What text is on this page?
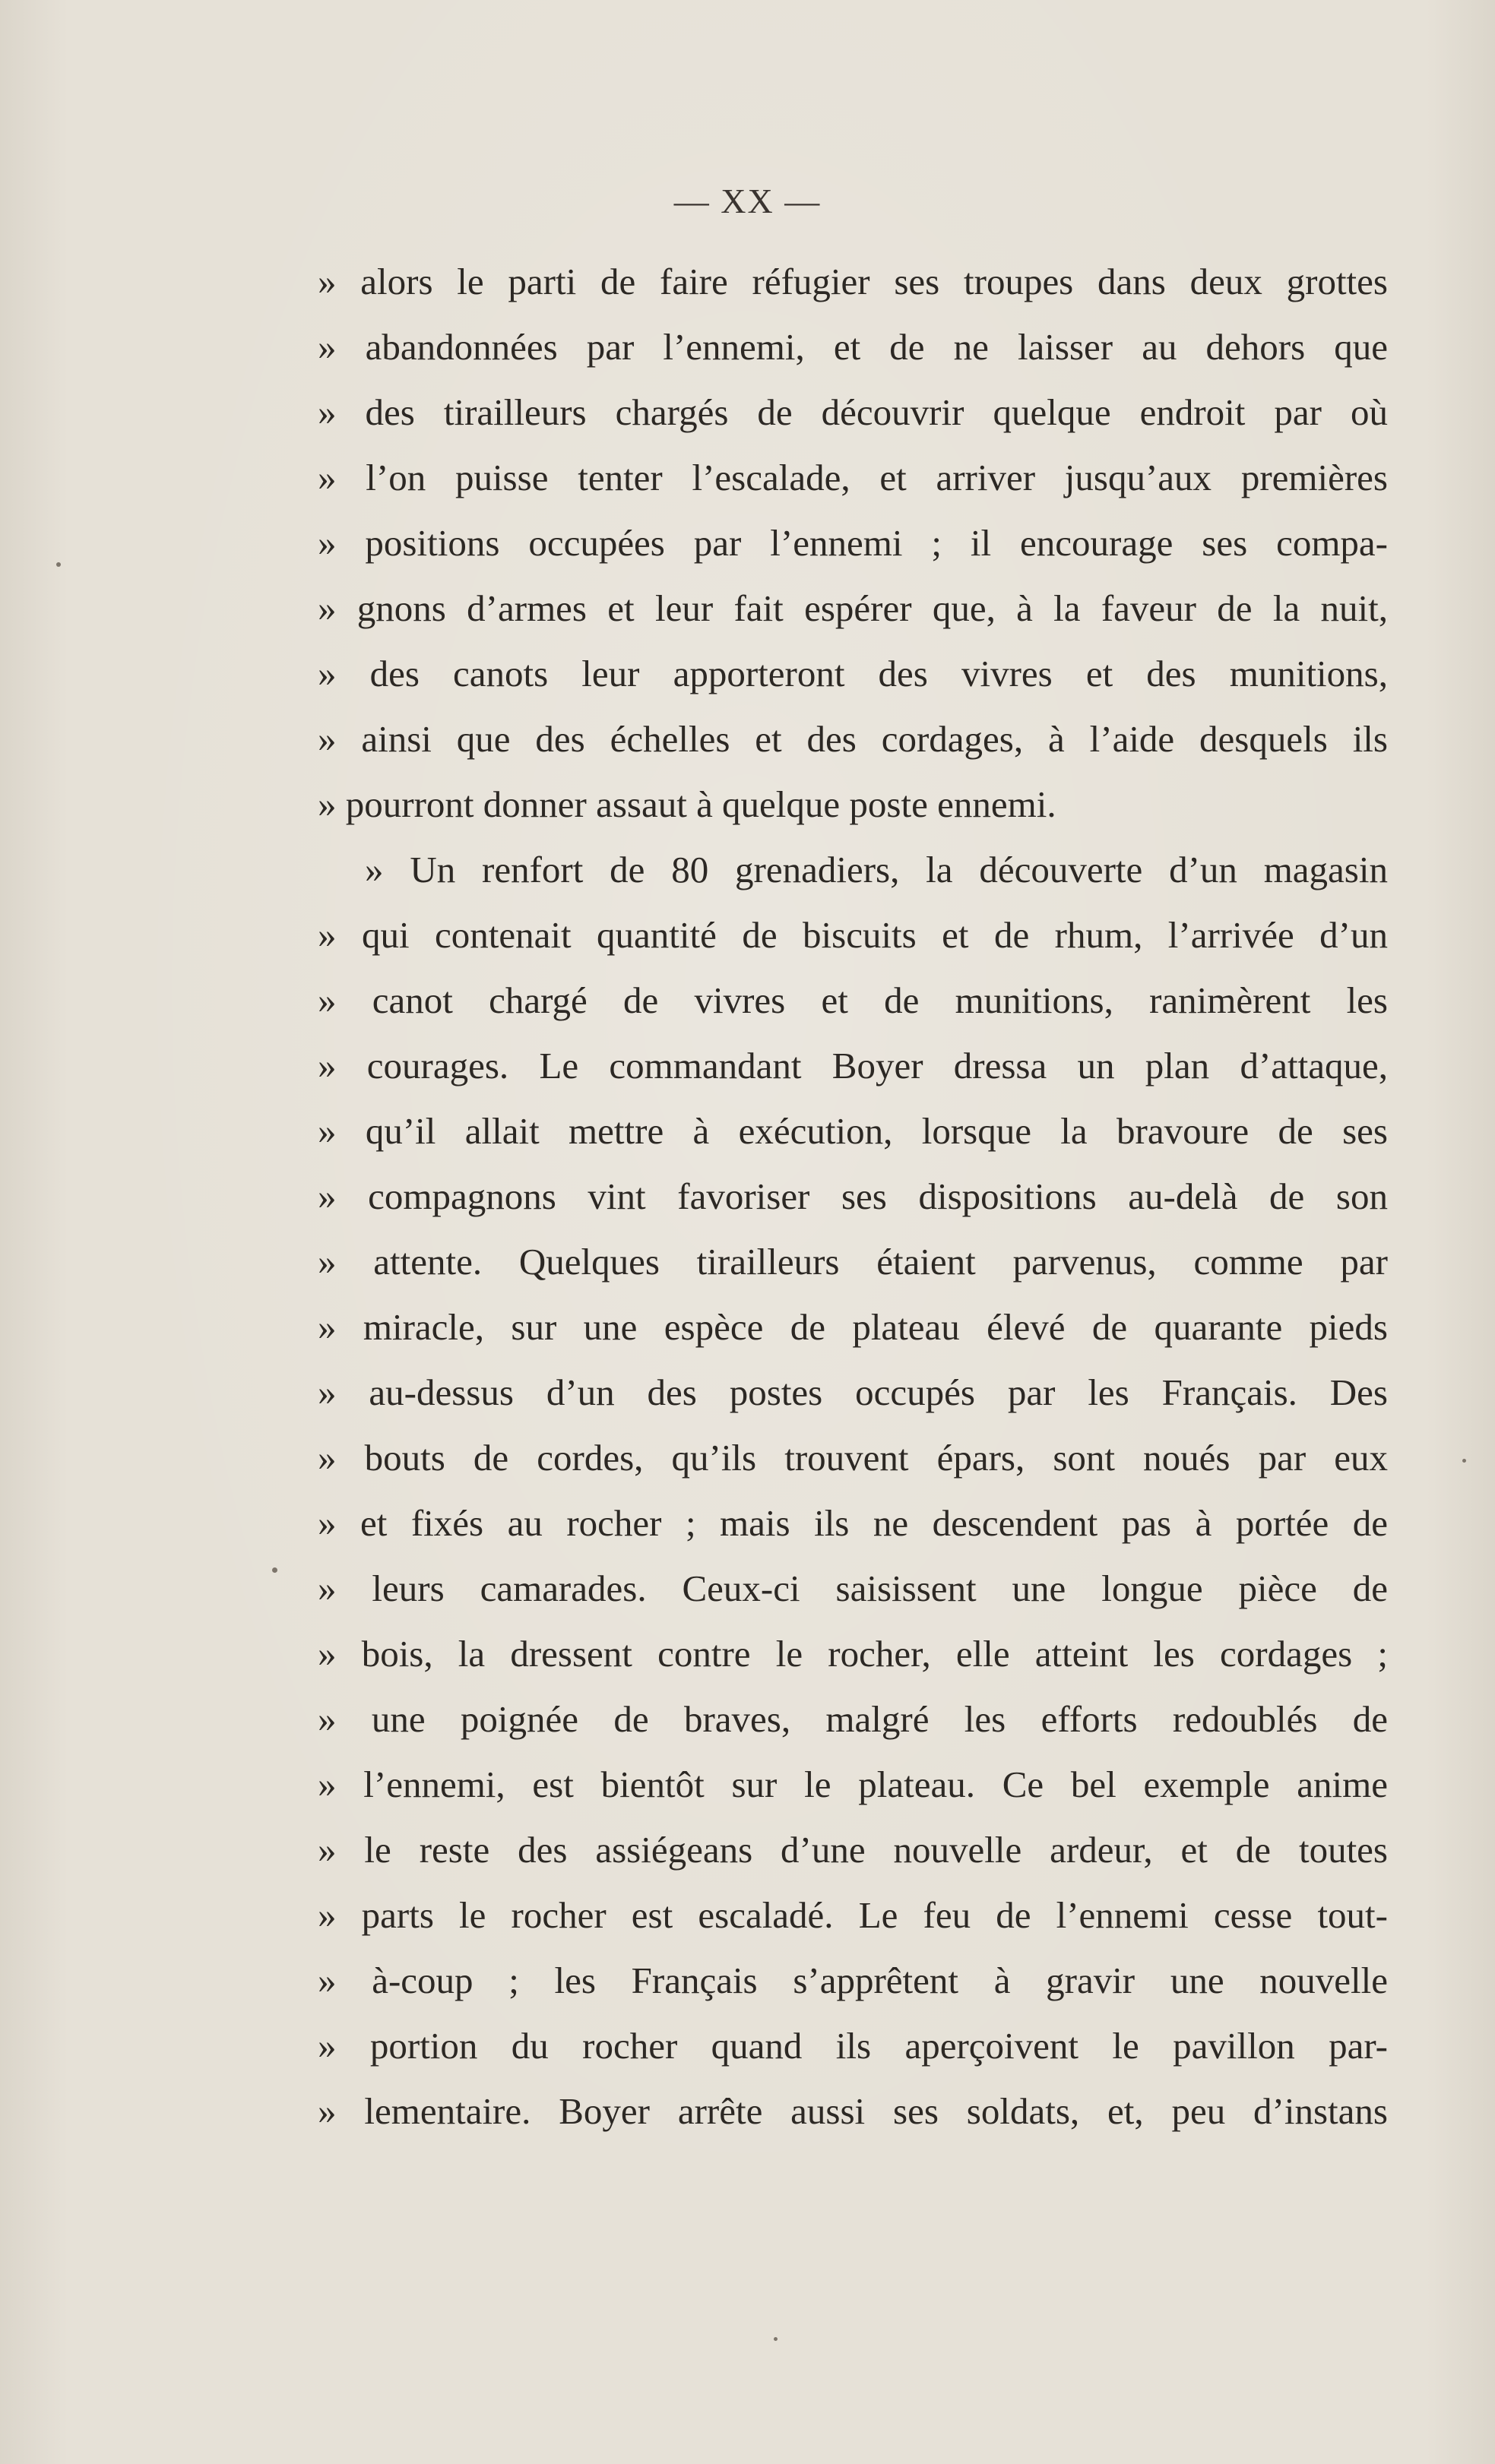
— XX —
» alors le parti de faire réfugier ses troupes dans deux grottes
» abandonnées par l’ennemi, et de ne laisser au dehors que
» des tirailleurs chargés de découvrir quelque endroit par où
» l’on puisse tenter l’escalade, et arriver jusqu’aux premières
» positions occupées par l’ennemi ; il encourage ses compa-
» gnons d’armes et leur fait espérer que, à la faveur de la nuit,
» des canots leur apporteront des vivres et des munitions,
» ainsi que des échelles et des cordages, à l’aide desquels ils
» pourront donner assaut à quelque poste ennemi.
» Un renfort de 80 grenadiers, la découverte d’un magasin
» qui contenait quantité de biscuits et de rhum, l’arrivée d’un
» canot chargé de vivres et de munitions, ranimèrent les
» courages. Le commandant Boyer dressa un plan d’attaque,
» qu’il allait mettre à exécution, lorsque la bravoure de ses
» compagnons vint favoriser ses dispositions au-delà de son
» attente. Quelques tirailleurs étaient parvenus, comme par
» miracle, sur une espèce de plateau élevé de quarante pieds
» au-dessus d’un des postes occupés par les Français. Des
» bouts de cordes, qu’ils trouvent épars, sont noués par eux
» et fixés au rocher ; mais ils ne descendent pas à portée de
» leurs camarades. Ceux-ci saisissent une longue pièce de
» bois, la dressent contre le rocher, elle atteint les cordages ;
» une poignée de braves, malgré les efforts redoublés de
» l’ennemi, est bientôt sur le plateau. Ce bel exemple anime
» le reste des assiégeans d’une nouvelle ardeur, et de toutes
» parts le rocher est escaladé. Le feu de l’ennemi cesse tout-
» à-coup ; les Français s’apprêtent à gravir une nouvelle
» portion du rocher quand ils aperçoivent le pavillon par-
» lementaire. Boyer arrête aussi ses soldats, et, peu d’instans
